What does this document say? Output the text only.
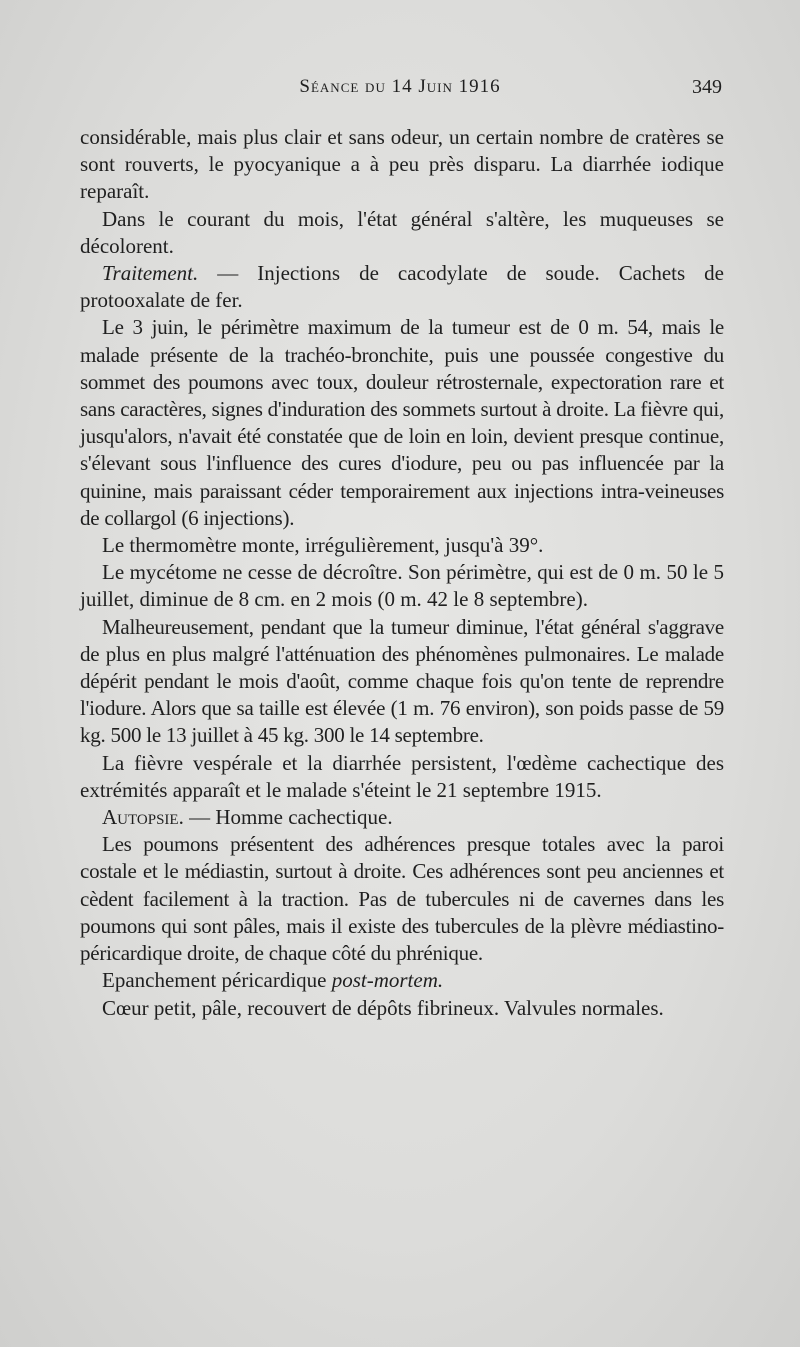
Séance du 14 Juin 1916	349

considérable, mais plus clair et sans odeur, un certain nombre de cratères se sont rouverts, le pyocyanique a à peu près disparu. La diarrhée iodique reparaît.

Dans le courant du mois, l'état général s'altère, les muqueuses se décolorent.

Traitement. — Injections de cacodylate de soude. Cachets de protooxalate de fer.

Le 3 juin, le périmètre maximum de la tumeur est de 0 m. 54, mais le malade présente de la trachéo-bronchite, puis une poussée congestive du sommet des poumons avec toux, douleur rétrosternale, expectoration rare et sans caractères, signes d'induration des sommets surtout à droite. La fièvre qui, jusqu'alors, n'avait été constatée que de loin en loin, devient presque continue, s'élevant sous l'influence des cures d'iodure, peu ou pas influencée par la quinine, mais paraissant céder temporairement aux injections intra-veineuses de collargol (6 injections).

Le thermomètre monte, irrégulièrement, jusqu'à 39°.

Le mycétome ne cesse de décroître. Son périmètre, qui est de 0 m. 50 le 5 juillet, diminue de 8 cm. en 2 mois (0 m. 42 le 8 septembre).

Malheureusement, pendant que la tumeur diminue, l'état général s'aggrave de plus en plus malgré l'atténuation des phénomènes pulmonaires. Le malade dépérit pendant le mois d'août, comme chaque fois qu'on tente de reprendre l'iodure. Alors que sa taille est élevée (1 m. 76 environ), son poids passe de 59 kg. 500 le 13 juillet à 45 kg. 300 le 14 septembre.

La fièvre vespérale et la diarrhée persistent, l'œdème cachectique des extrémités apparaît et le malade s'éteint le 21 septembre 1915.

Autopsie. — Homme cachectique.

Les poumons présentent des adhérences presque totales avec la paroi costale et le médiastin, surtout à droite. Ces adhérences sont peu anciennes et cèdent facilement à la traction. Pas de tubercules ni de cavernes dans les poumons qui sont pâles, mais il existe des tubercules de la plèvre médiastino-péricardique droite, de chaque côté du phrénique.

Epanchement péricardique post-mortem.

Cœur petit, pâle, recouvert de dépôts fibrineux. Valvules normales.
